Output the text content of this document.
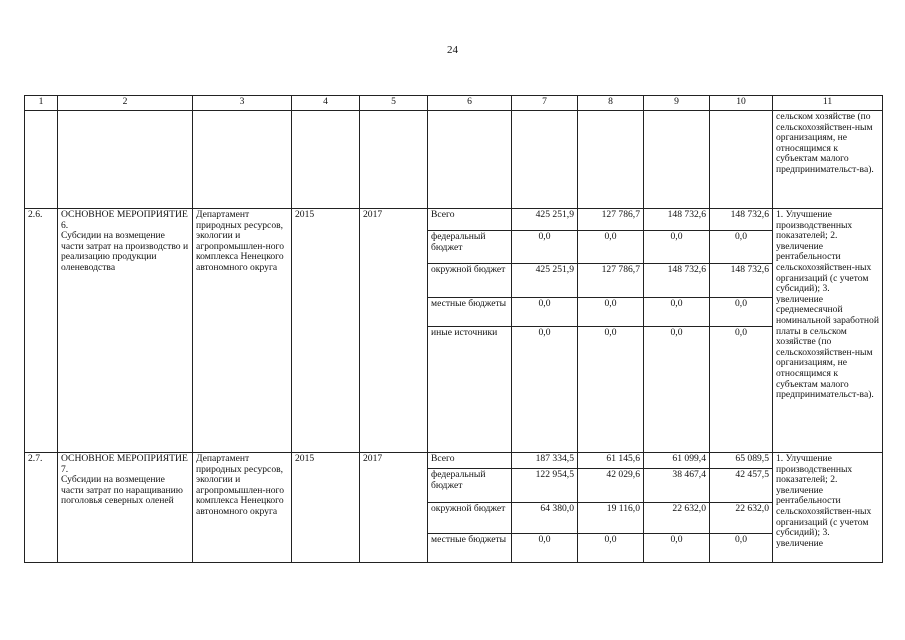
24
1	2	3	4	5	6	7	8	9	10	11
										сельском хозяйстве (по сельскохозяйствен-ным организациям, не относящимся к субъектам малого предпринимательст-ва).
2.6.	ОСНОВНОЕ МЕРОПРИЯТИЕ 6.
Субсидии на возмещение части затрат на производство и реализацию продукции оленеводства	Департамент природных ресурсов, экологии и агропромышлен-ного комплекса Ненецкого автономного округа	2015	2017	Всего	425 251,9	127 786,7	148 732,6	148 732,6	1. Улучшение производственных показателей; 2. увеличение рентабельности сельскохозяйствен-ных организаций (с учетом субсидий); 3. увеличение среднемесячной номинальной заработной платы в сельском хозяйстве (по сельскохозяйствен-ным организациям, не относящимся к субъектам малого предпринимательст-ва).
					федеральный бюджет	0,0	0,0	0,0	0,0	
					окружной бюджет	425 251,9	127 786,7	148 732,6	148 732,6	
					местные бюджеты	0,0	0,0	0,0	0,0	
					иные источники	0,0	0,0	0,0	0,0	
2.7.	ОСНОВНОЕ МЕРОПРИЯТИЕ 7.
Субсидии на возмещение части затрат по наращиванию поголовья северных оленей	Департамент природных ресурсов, экологии и агропромышлен-ного комплекса Ненецкого автономного округа	2015	2017	Всего	187 334,5	61 145,6	61 099,4	65 089,5	1. Улучшение производственных показателей; 2. увеличение рентабельности сельскохозяйствен-ных организаций (с учетом субсидий); 3. увеличение
					федеральный бюджет	122 954,5	42 029,6	38 467,4	42 457,5	
					окружной бюджет	64 380,0	19 116,0	22 632,0	22 632,0	
					местные бюджеты	0,0	0,0	0,0	0,0	
